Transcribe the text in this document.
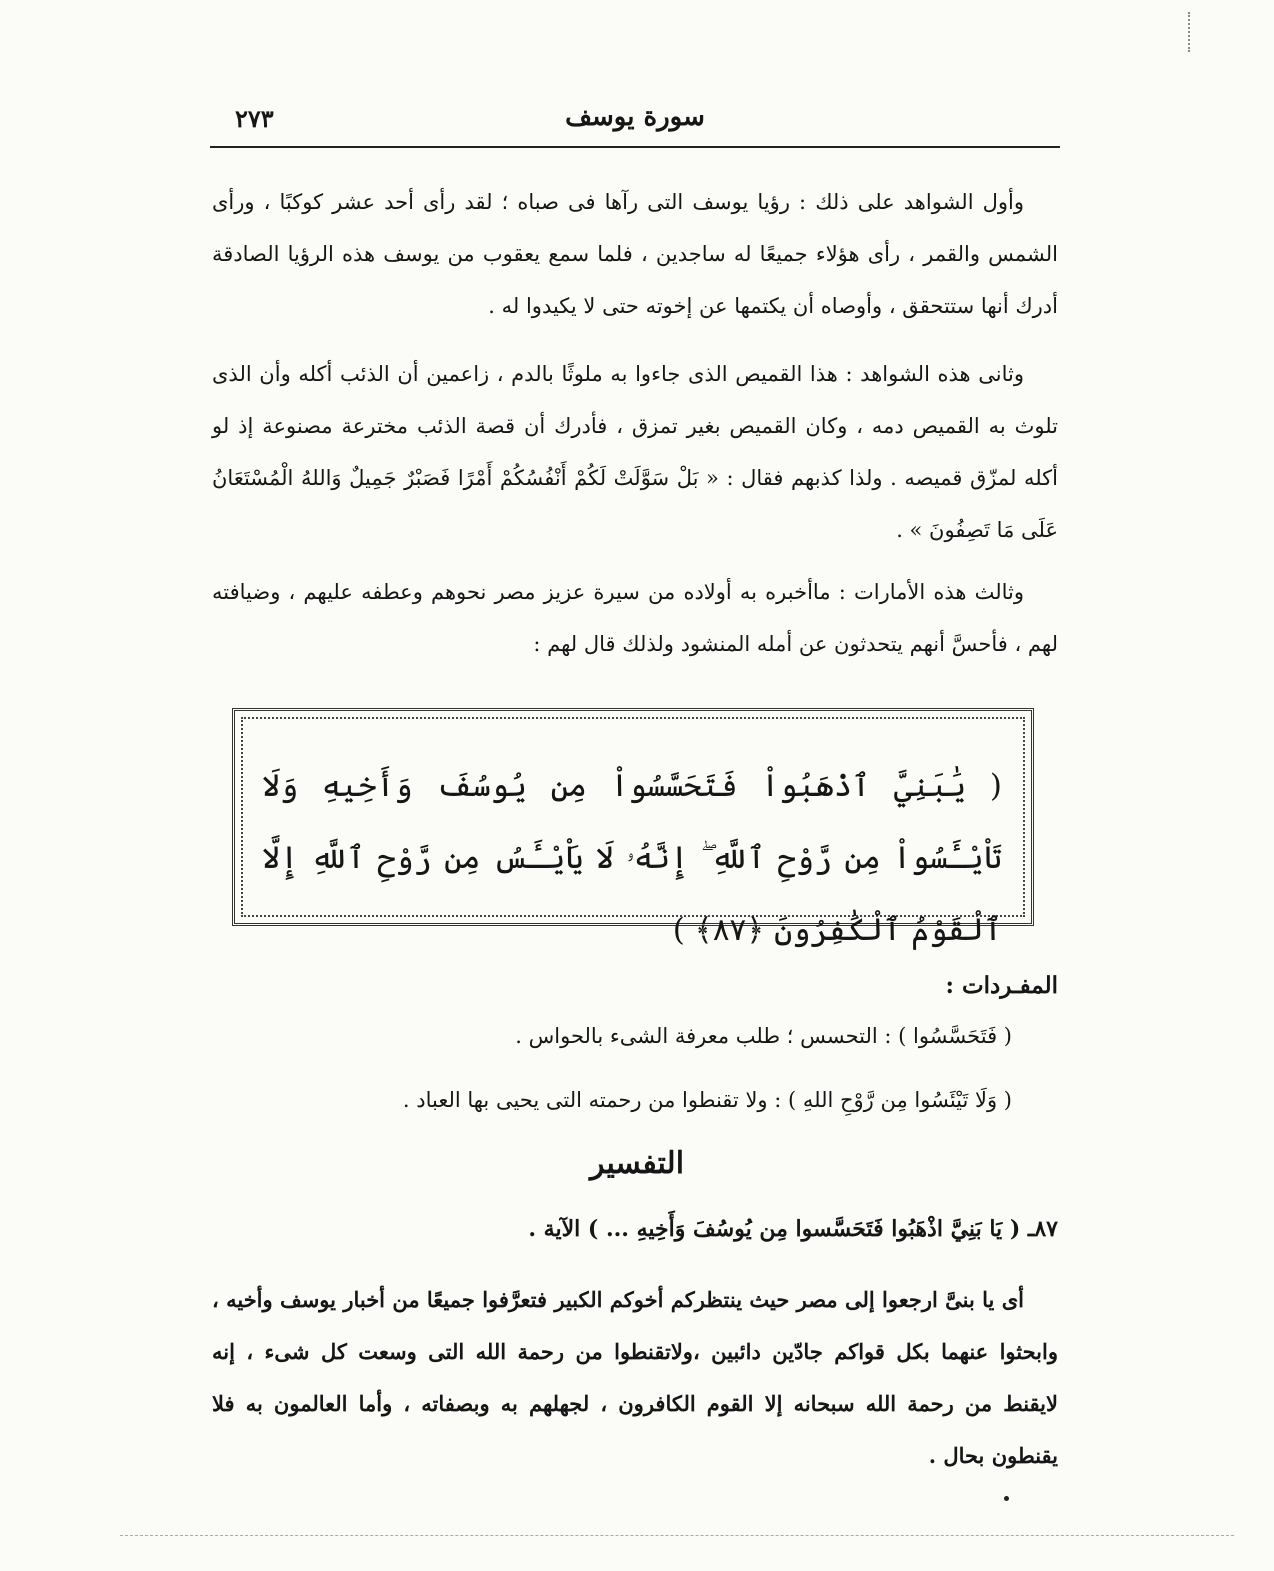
٢٧٣	سورة يوسف

وأول الشواهد على ذلك : رؤيا يوسف التى رآها فى صباه ؛ لقد رأى أحد عشر كوكبًا ، ورأى الشمس والقمر ، رأى هؤلاء جميعًا له ساجدين ، فلما سمع يعقوب من يوسف هذه الرؤيا الصادقة أدرك أنها ستتحقق ، وأوصاه أن يكتمها عن إخوته حتى لا يكيدوا له .

وثانى هذه الشواهد : هذا القميص الذى جاءوا به ملوثًا بالدم ، زاعمين أن الذئب أكله وأن الذى تلوث به القميص دمه ، وكان القميص بغير تمزق ، فأدرك أن قصة الذئب مخترعة مصنوعة إذ لو أكله لمزّق قميصه . ولذا كذبهم فقال : « بَلْ سَوَّلَتْ لَكُمْ أَنْفُسُكُمْ أَمْرًا فَصَبْرٌ جَمِيلٌ وَاللهُ الْمُسْتَعَانُ عَلَى مَا تَصِفُونَ » .

وثالث هذه الأمارات : ماأخبره به أولاده من سيرة عزيز مصر نحوهم وعطفه عليهم ، وضيافته لهم ، فأحسَّ أنهم يتحدثون عن أمله المنشود ولذلك قال لهم :

( يَٰبَنِيَّ ٱذْهَبُواْ فَتَحَسَّسُواْ مِن يُوسُفَ وَأَخِيهِ وَلَا تَاْيْـَٔسُواْ مِن رَّوْحِ ٱللَّهِ ۖ إِنَّهُۥ لَا يَاْيْـَٔسُ مِن رَّوْحِ ٱللَّهِ إِلَّا ٱلْقَوْمُ ٱلْكَٰفِرُونَ ﴿٨٧﴾ )
المفـردات :
( فَتَحَسَّسُوا ) : التحسس ؛ طلب معرفة الشىء بالحواس .
( وَلَا تَيْئَسُوا مِن رَّوْحِ اللهِ ) : ولا تقنطوا من رحمته التى يحيى بها العباد .
التفسير
٨٧ـ ( يَا بَنِيَّ اذْهَبُوا فَتَحَسَّسوا مِن يُوسُفَ وَأَخِيهِ ... ) الآية .

أى يا بنىَّ ارجعوا إلى مصر حيث ينتظركم أخوكم الكبير فتعرَّفوا جميعًا من أخبار يوسف وأخيه ، وابحثوا عنهما بكل قواكم جادّين دائبين ،ولاتقنطوا من رحمة الله التى وسعت كل شىء ، إنه لايقنط من رحمة الله سبحانه إلا القوم الكافرون ، لجهلهم به وبصفاته ، وأما العالمون به فلا يقنطون بحال .
